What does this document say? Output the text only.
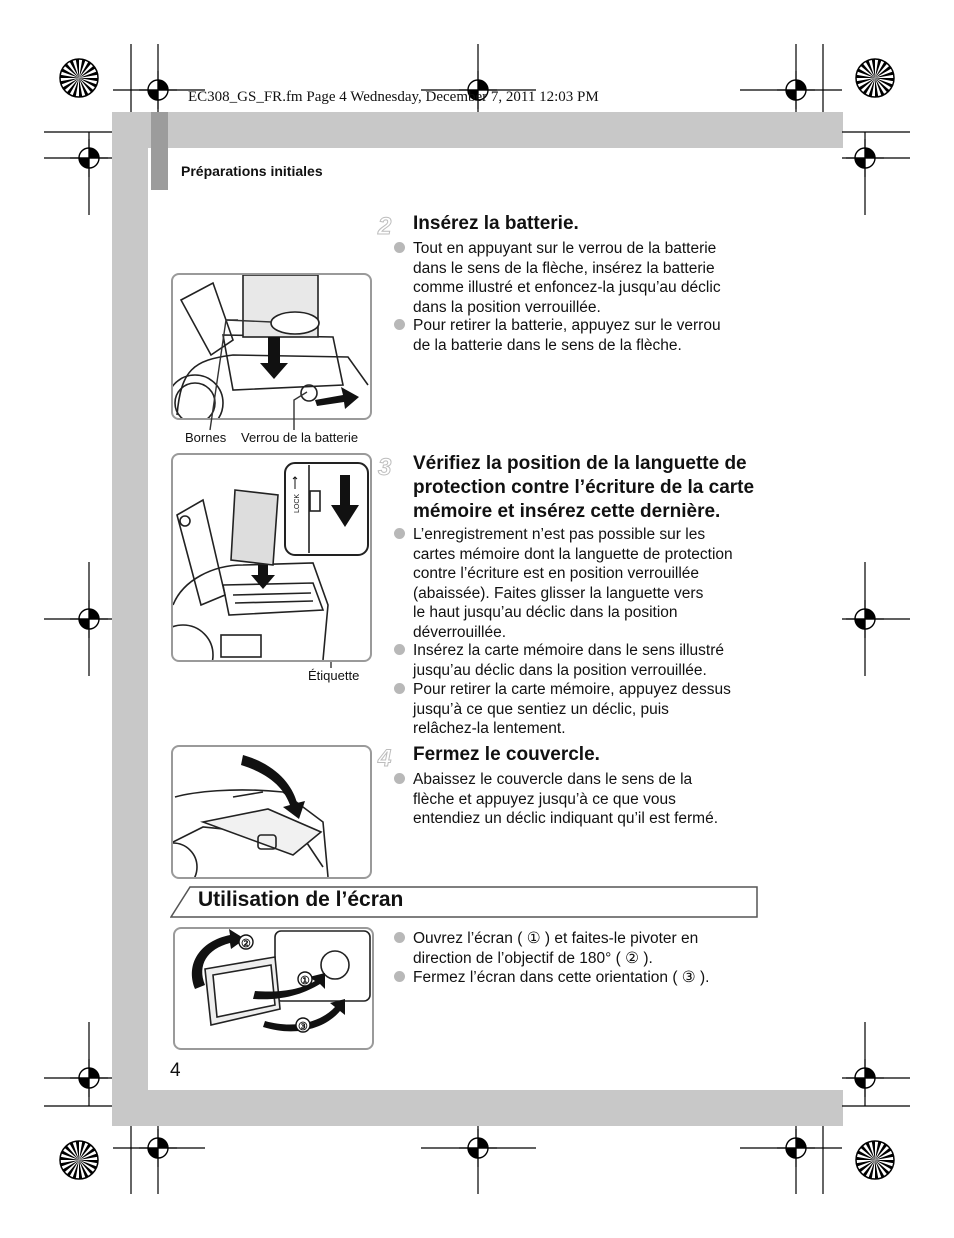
EC308_GS_FR.fm Page 4 Wednesday, December 7, 2011 12:03 PM
Préparations initiales
2 Insérez la batterie.
Tout en appuyant sur le verrou de la batterie
dans le sens de la flèche, insérez la batterie
comme illustré et enfoncez-la jusqu’au déclic
dans la position verrouillée.
Pour retirer la batterie, appuyez sur le verrou
de la batterie dans le sens de la flèche.
Bornes Verrou de la batterie
3 Vérifiez la position de la languette de
protection contre l’écriture de la carte
mémoire et insérez cette dernière.
L’enregistrement n’est pas possible sur les
cartes mémoire dont la languette de protection
contre l’écriture est en position verrouillée
(abaissée). Faites glisser la languette vers
le haut jusqu’au déclic dans la position
déverrouillée.
Insérez la carte mémoire dans le sens illustré
jusqu’au déclic dans la position verrouillée.
Pour retirer la carte mémoire, appuyez dessus
jusqu’à ce que sentiez un déclic, puis
relâchez-la lentement.
LOCK
Étiquette
4 Fermez le couvercle.
Abaissez le couvercle dans le sens de la
flèche et appuyez jusqu’à ce que vous
entendiez un déclic indiquant qu’il est fermé.
Utilisation de l’écran
Ouvrez l’écran ( ① ) et faites-le pivoter en
direction de l’objectif de 180° ( ② ).
Fermez l’écran dans cette orientation ( ③ ).
②
①
③
4
